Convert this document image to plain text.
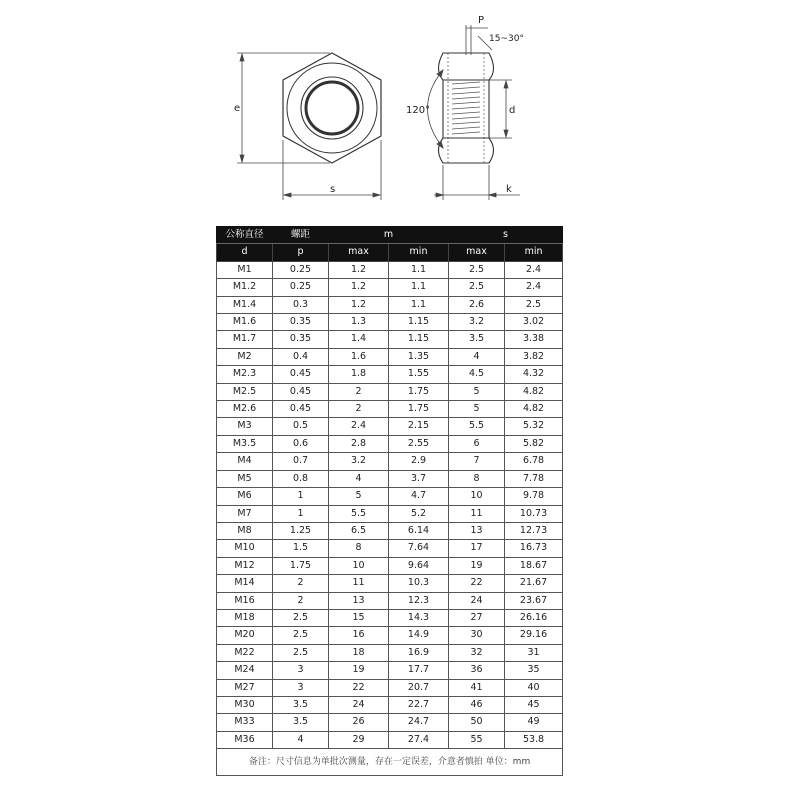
e
s
P
15~30°
120°	d
k
公称直径	螺距	m		s	
d	p	max	min	max	min
M1	0.25	1.2	1.1	2.5	2.4
M1.2	0.25	1.2	1.1	2.5	2.4
M1.4	0.3	1.2	1.1	2.6	2.5
M1.6	0.35	1.3	1.15	3.2	3.02
M1.7	0.35	1.4	1.15	3.5	3.38
M2	0.4	1.6	1.35	4	3.82
M2.3	0.45	1.8	1.55	4.5	4.32
M2.5	0.45	2	1.75	5	4.82
M2.6	0.45	2	1.75	5	4.82
M3	0.5	2.4	2.15	5.5	5.32
M3.5	0.6	2.8	2.55	6	5.82
M4	0.7	3.2	2.9	7	6.78
M5	0.8	4	3.7	8	7.78
M6	1	5	4.7	10	9.78
M7	1	5.5	5.2	11	10.73
M8	1.25	6.5	6.14	13	12.73
M10	1.5	8	7.64	17	16.73
M12	1.75	10	9.64	19	18.67
M14	2	11	10.3	22	21.67
M16	2	13	12.3	24	23.67
M18	2.5	15	14.3	27	26.16
M20	2.5	16	14.9	30	29.16
M22	2.5	18	16.9	32	31
M24	3	19	17.7	36	35
M27	3	22	20.7	41	40
M30	3.5	24	22.7	46	45
M33	3.5	26	24.7	50	49
M36	4	29	27.4	55	53.8
备注：尺寸信息为单批次测量，存在一定误差，介意者慎拍 单位：mm					
